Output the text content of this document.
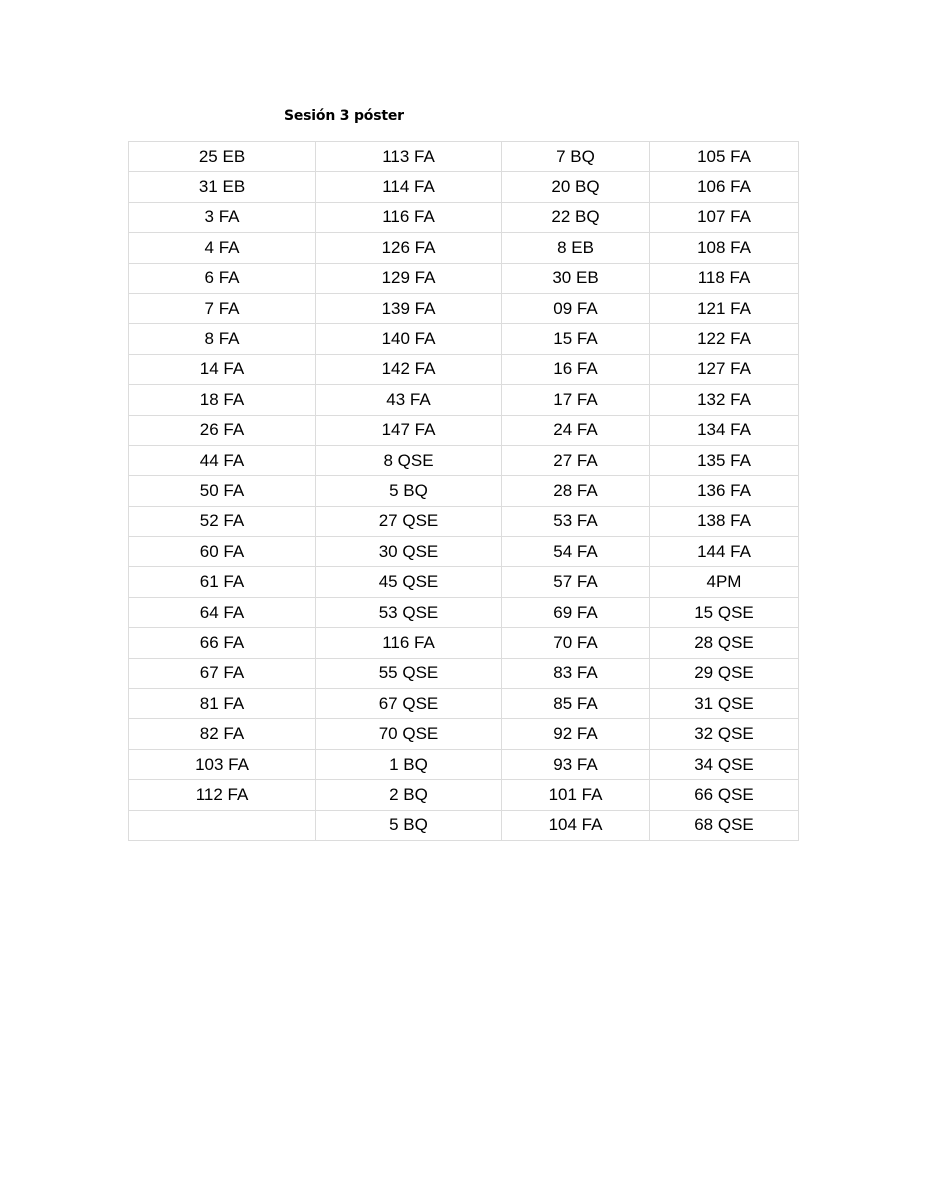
Sesión 3 póster
25 EB	113 FA	7 BQ	105 FA
31 EB	114 FA	20 BQ	106 FA
3 FA	116 FA	22 BQ	107 FA
4 FA	126 FA	8 EB	108 FA
6 FA	129 FA	30 EB	118 FA
7 FA	139 FA	09 FA	121 FA
8 FA	140 FA	15 FA	122 FA
14 FA	142 FA	16 FA	127 FA
18 FA	43 FA	17 FA	132 FA
26 FA	147 FA	24 FA	134 FA
44 FA	8 QSE	27 FA	135 FA
50 FA	5 BQ	28 FA	136 FA
52 FA	27 QSE	53 FA	138 FA
60 FA	30 QSE	54 FA	144 FA
61 FA	45 QSE	57 FA	4PM
64 FA	53 QSE	69 FA	15 QSE
66 FA	116 FA	70 FA	28 QSE
67 FA	55 QSE	83 FA	29 QSE
81 FA	67 QSE	85 FA	31 QSE
82 FA	70 QSE	92 FA	32 QSE
103 FA	1 BQ	93 FA	34 QSE
112 FA	2 BQ	101 FA	66 QSE
	5 BQ	104 FA	68 QSE
